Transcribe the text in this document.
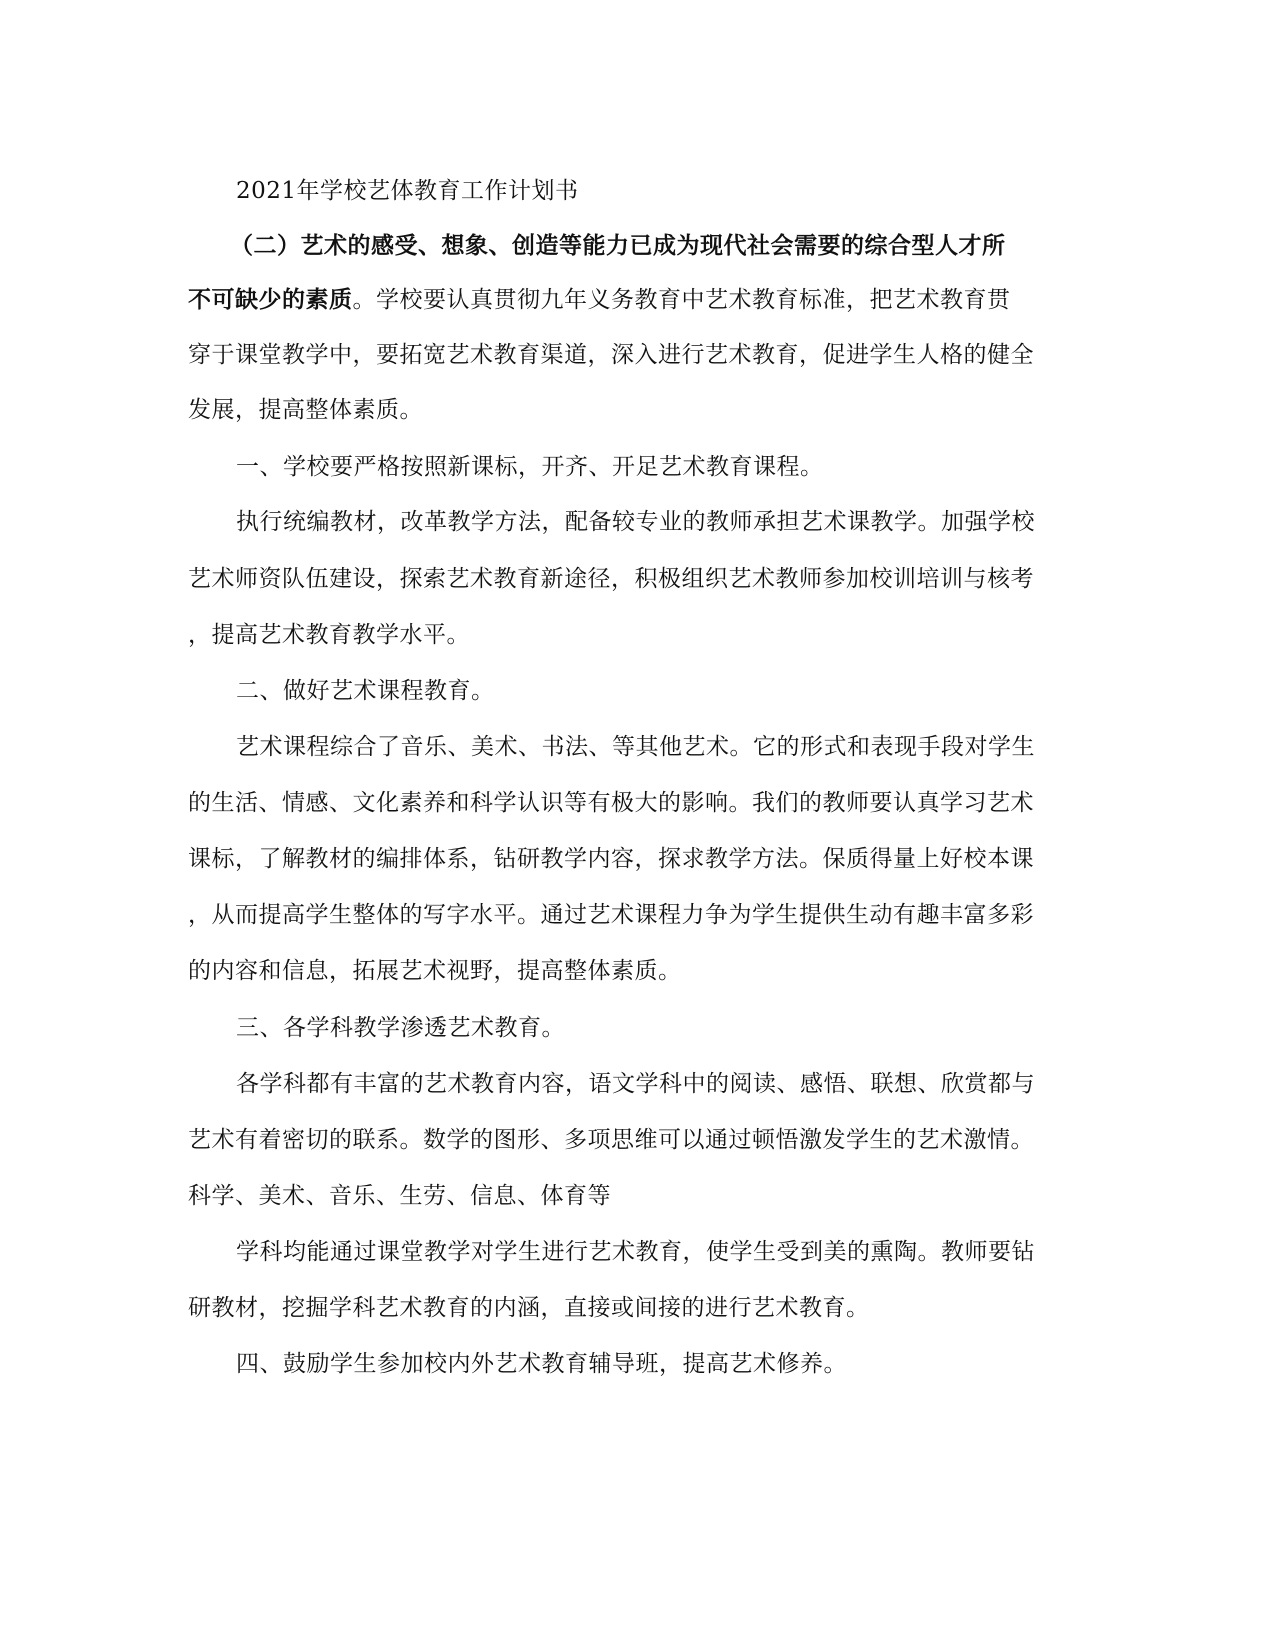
2021年学校艺体教育工作计划书
（二）艺术的感受、想象、创造等能力已成为现代社会需要的综合型人才所
不可缺少的素质。学校要认真贯彻九年义务教育中艺术教育标准，把艺术教育贯
穿于课堂教学中，要拓宽艺术教育渠道，深入进行艺术教育，促进学生人格的健全
发展，提高整体素质。
一、学校要严格按照新课标，开齐、开足艺术教育课程。
执行统编教材，改革教学方法，配备较专业的教师承担艺术课教学。加强学校
艺术师资队伍建设，探索艺术教育新途径，积极组织艺术教师参加校训培训与核考
，提高艺术教育教学水平。
二、做好艺术课程教育。
艺术课程综合了音乐、美术、书法、等其他艺术。它的形式和表现手段对学生
的生活、情感、文化素养和科学认识等有极大的影响。我们的教师要认真学习艺术
课标，了解教材的编排体系，钻研教学内容，探求教学方法。保质得量上好校本课
，从而提高学生整体的写字水平。通过艺术课程力争为学生提供生动有趣丰富多彩
的内容和信息，拓展艺术视野，提高整体素质。
三、各学科教学渗透艺术教育。
各学科都有丰富的艺术教育内容，语文学科中的阅读、感悟、联想、欣赏都与
艺术有着密切的联系。数学的图形、多项思维可以通过顿悟激发学生的艺术激情。
科学、美术、音乐、生劳、信息、体育等
学科均能通过课堂教学对学生进行艺术教育，使学生受到美的熏陶。教师要钻
研教材，挖掘学科艺术教育的内涵，直接或间接的进行艺术教育。
四、鼓励学生参加校内外艺术教育辅导班，提高艺术修养。
